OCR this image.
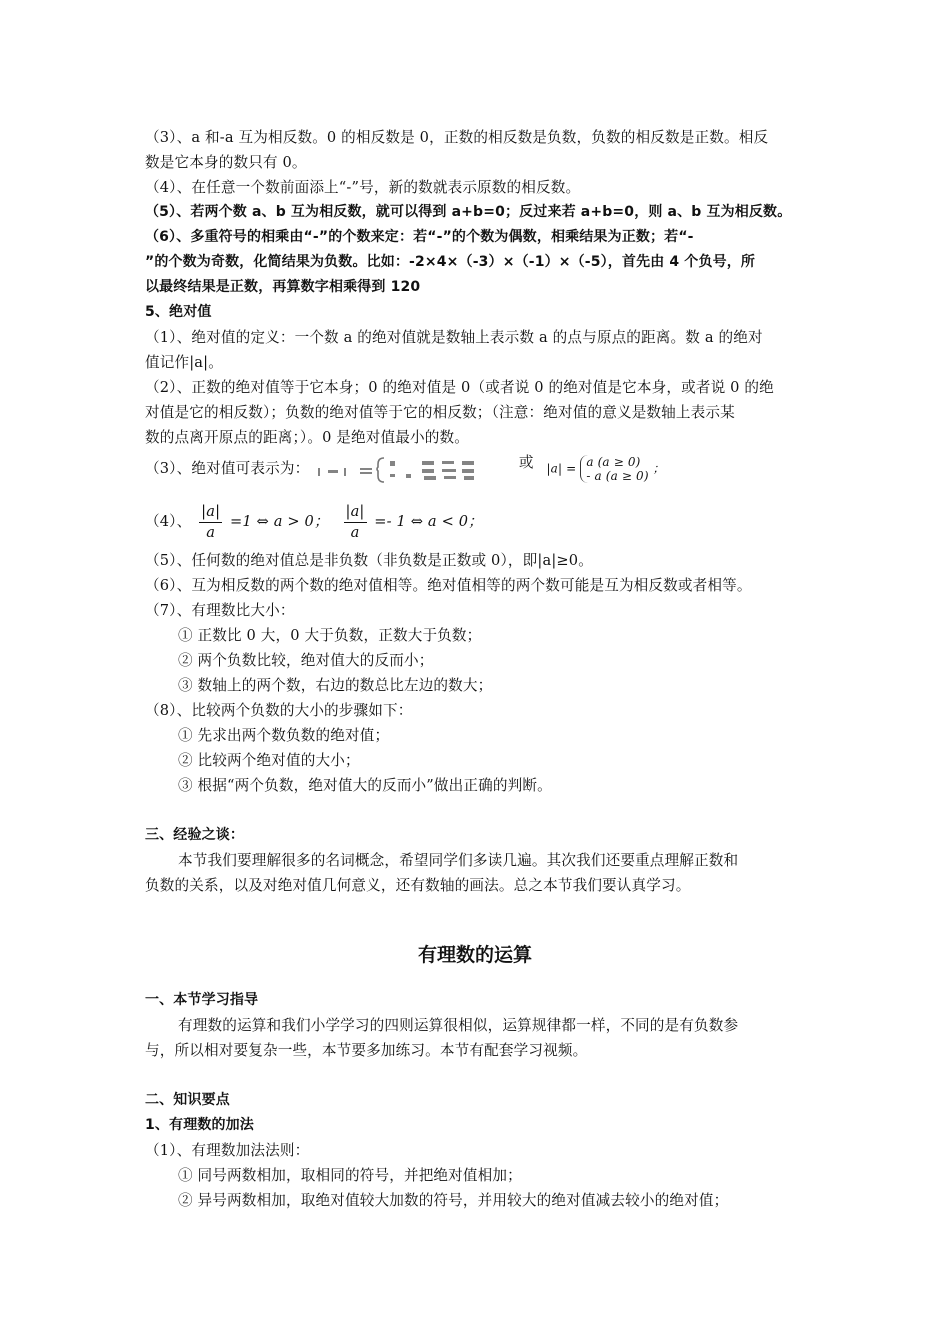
（3）、a 和-a 互为相反数。0 的相反数是 0，正数的相反数是负数，负数的相反数是正数。相反
数是它本身的数只有 0。
（4）、在任意一个数前面添上“-”号，新的数就表示原数的相反数。
（5）、若两个数 a、b 互为相反数，就可以得到 a+b=0；反过来若 a+b=0，则 a、b 互为相反数。
（6）、多重符号的相乘由“-”的个数来定：若“-”的个数为偶数，相乘结果为正数；若“-
”的个数为奇数，化简结果为负数。比如：-2×4×（-3）×（-1）×（-5），首先由 4 个负号，所
以最终结果是正数，再算数字相乘得到 120
5、绝对值
（1）、绝对值的定义：一个数 a 的绝对值就是数轴上表示数 a 的点与原点的距离。数 a 的绝对
值记作|a|。
（2）、正数的绝对值等于它本身；0 的绝对值是 0（或者说 0 的绝对值是它本身，或者说 0 的绝
对值是它的相反数）；负数的绝对值等于它的相反数；（注意：绝对值的意义是数轴上表示某
数的点离开原点的距离；）。0 是绝对值最小的数。
（3）、绝对值可表示为：	或 |a| = a (a ≥ 0)
- a (a ≥ 0)
；
（4）、 $\frac{|a|}{a} =1$ ⇔ a > 0； $\frac{|a|}{a} =- 1$ ⇔ a < 0；
（5）、任何数的绝对值总是非负数（非负数是正数或 0），即|a|≥0。
（6）、互为相反数的两个数的绝对值相等。绝对值相等的两个数可能是互为相反数或者相等。
（7）、有理数比大小：
① 正数比 0 大，0 大于负数，正数大于负数；
② 两个负数比较，绝对值大的反而小；
③ 数轴上的两个数，右边的数总比左边的数大；
（8）、比较两个负数的大小的步骤如下：
① 先求出两个数负数的绝对值；
② 比较两个绝对值的大小；
③ 根据“两个负数，绝对值大的反而小”做出正确的判断。
三、经验之谈：
本节我们要理解很多的名词概念，希望同学们多读几遍。其次我们还要重点理解正数和
负数的关系，以及对绝对值几何意义，还有数轴的画法。总之本节我们要认真学习。
有理数的运算
一、本节学习指导
有理数的运算和我们小学学习的四则运算很相似，运算规律都一样，不同的是有负数参
与，所以相对要复杂一些，本节要多加练习。本节有配套学习视频。
二、知识要点
1、有理数的加法
（1）、有理数加法法则：
① 同号两数相加，取相同的符号，并把绝对值相加；
② 异号两数相加，取绝对值较大加数的符号，并用较大的绝对值减去较小的绝对值；
